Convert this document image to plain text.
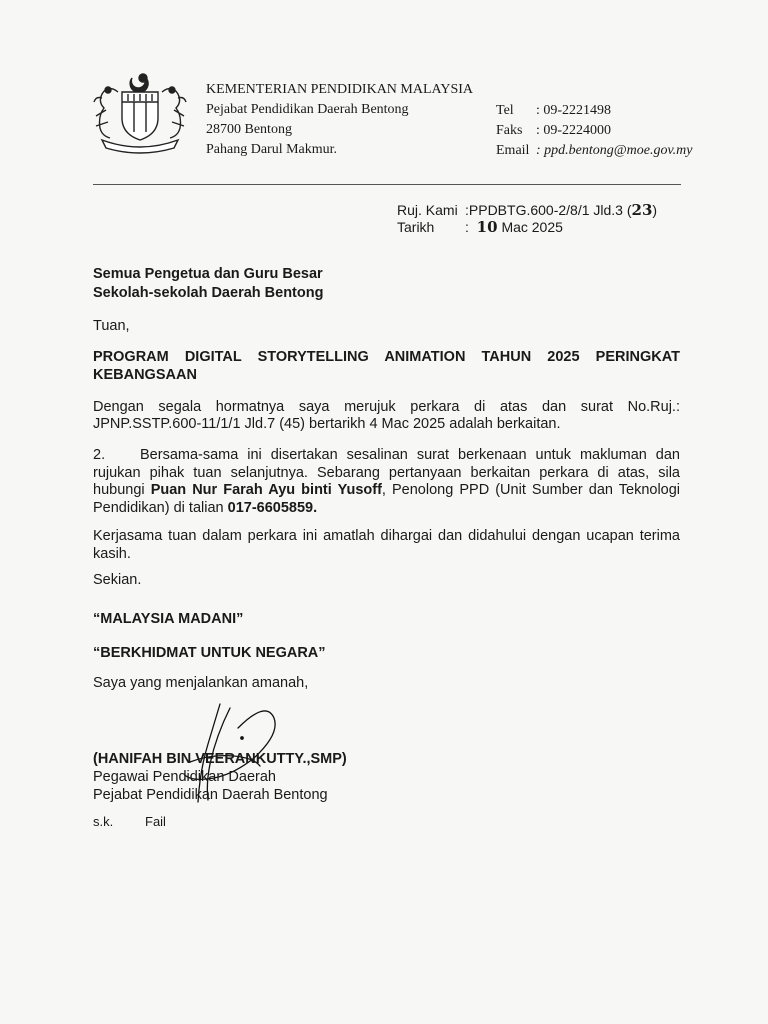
KEMENTERIAN PENDIDIKAN MALAYSIA
Pejabat Pendidikan Daerah Bentong
28700 Bentong
Pahang Darul Makmur.
Tel : 09-2221498
Faks : 09-2224000
Email : ppd.bentong@moe.gov.my
Ruj. Kami :PPDBTG.600-2/8/1 Jld.3 (23)
Tarikh : 10 Mac 2025
Semua Pengetua dan Guru Besar
Sekolah-sekolah Daerah Bentong
Tuan,
PROGRAM DIGITAL STORYTELLING ANIMATION TAHUN 2025 PERINGKAT
KEBANGSAAN
Dengan segala hormatnya saya merujuk perkara di atas dan surat No.Ruj.:
JPNP.SSTP.600-11/1/1 Jld.7 (45) bertarikh 4 Mac 2025 adalah berkaitan.
2.	Bersama-sama ini disertakan sesalinan surat berkenaan untuk makluman dan
rujukan pihak tuan selanjutnya. Sebarang pertanyaan berkaitan perkara di atas, sila
hubungi Puan Nur Farah Ayu binti Yusoff, Penolong PPD (Unit Sumber dan Teknologi
Pendidikan) di talian 017-6605859.
Kerjasama tuan dalam perkara ini amatlah dihargai dan didahului dengan ucapan terima
kasih.
Sekian.
“MALAYSIA MADANI”
“BERKHIDMAT UNTUK NEGARA”
Saya yang menjalankan amanah,
(HANIFAH BIN VEERANKUTTY.,SMP)
Pegawai Pendidikan Daerah
Pejabat Pendidikan Daerah Bentong
s.k. Fail
